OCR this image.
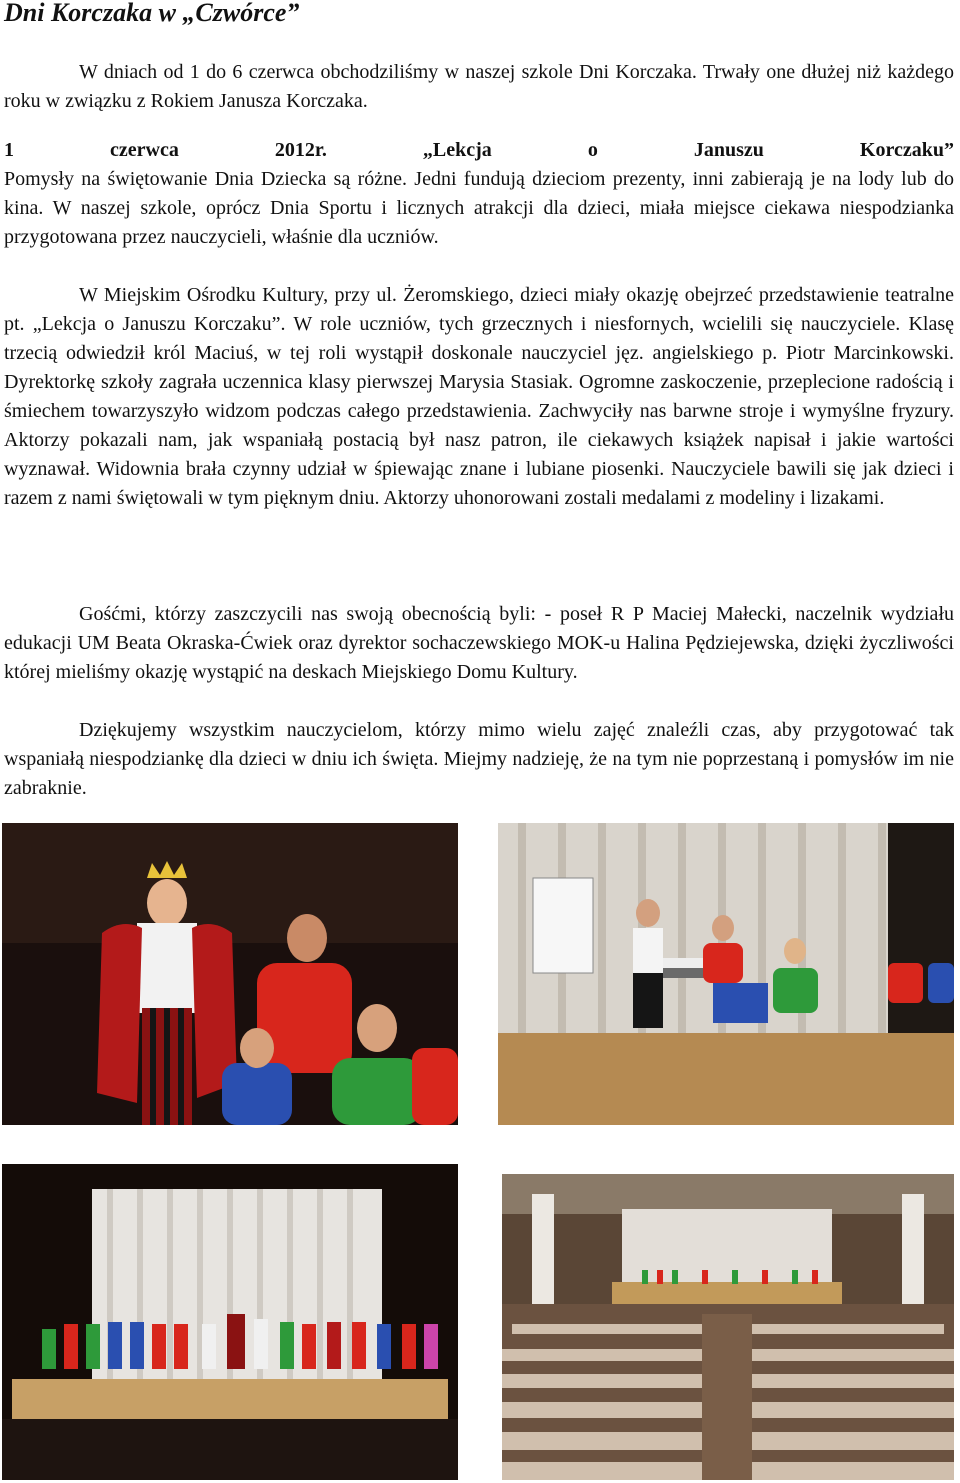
Dni Korczaka w „Czwórce”

W dniach od 1 do 6 czerwca obchodziliśmy w naszej szkole Dni Korczaka. Trwały one dłużej niż każdego roku w związku z Rokiem Janusza Korczaka.

1	czerwca	2012r.	„Lekcja	o	Januszu	Korczaku”

Pomysły na świętowanie Dnia Dziecka są różne. Jedni fundują dzieciom prezenty, inni zabierają je na lody lub do kina. W naszej szkole, oprócz Dnia Sportu i licznych atrakcji dla dzieci, miała miejsce ciekawa niespodzianka przygotowana przez nauczycieli, właśnie dla uczniów.

W Miejskim Ośrodku Kultury, przy ul. Żeromskiego, dzieci miały okazję obejrzeć przedstawienie teatralne pt. „Lekcja o Januszu Korczaku”. W role uczniów, tych grzecznych i niesfornych, wcielili się nauczyciele. Klasę trzecią odwiedził król Maciuś, w tej roli wystąpił doskonale nauczyciel jęz. angielskiego p. Piotr Marcinkowski. Dyrektorkę szkoły zagrała uczennica klasy pierwszej Marysia Stasiak. Ogromne zaskoczenie, przeplecione radością i śmiechem towarzyszyło widzom podczas całego przedstawienia. Zachwyciły nas barwne stroje i wymyślne fryzury. Aktorzy pokazali nam, jak wspaniałą postacią był nasz patron, ile ciekawych książek napisał i jakie wartości wyznawał. Widownia brała czynny udział w śpiewając znane i lubiane piosenki. Nauczyciele bawili się jak dzieci i razem z nami świętowali w tym pięknym dniu. Aktorzy uhonorowani zostali medalami z modeliny i lizakami.

Gośćmi, którzy zaszczycili nas swoją obecnością byli: - poseł R P Maciej Małecki, naczelnik wydziału edukacji UM Beata Okraska-Ćwiek oraz dyrektor sochaczewskiego MOK-u Halina Pędziejewska, dzięki życzliwości której mieliśmy okazję wystąpić na deskach Miejskiego Domu Kultury.

Dziękujemy wszystkim nauczycielom, którzy mimo wielu zajęć znaleźli czas, aby przygotować tak wspaniałą niespodziankę dla dzieci w dniu ich święta. Miejmy nadzieję, że na tym nie poprzestaną i pomysłów im nie zabraknie.
